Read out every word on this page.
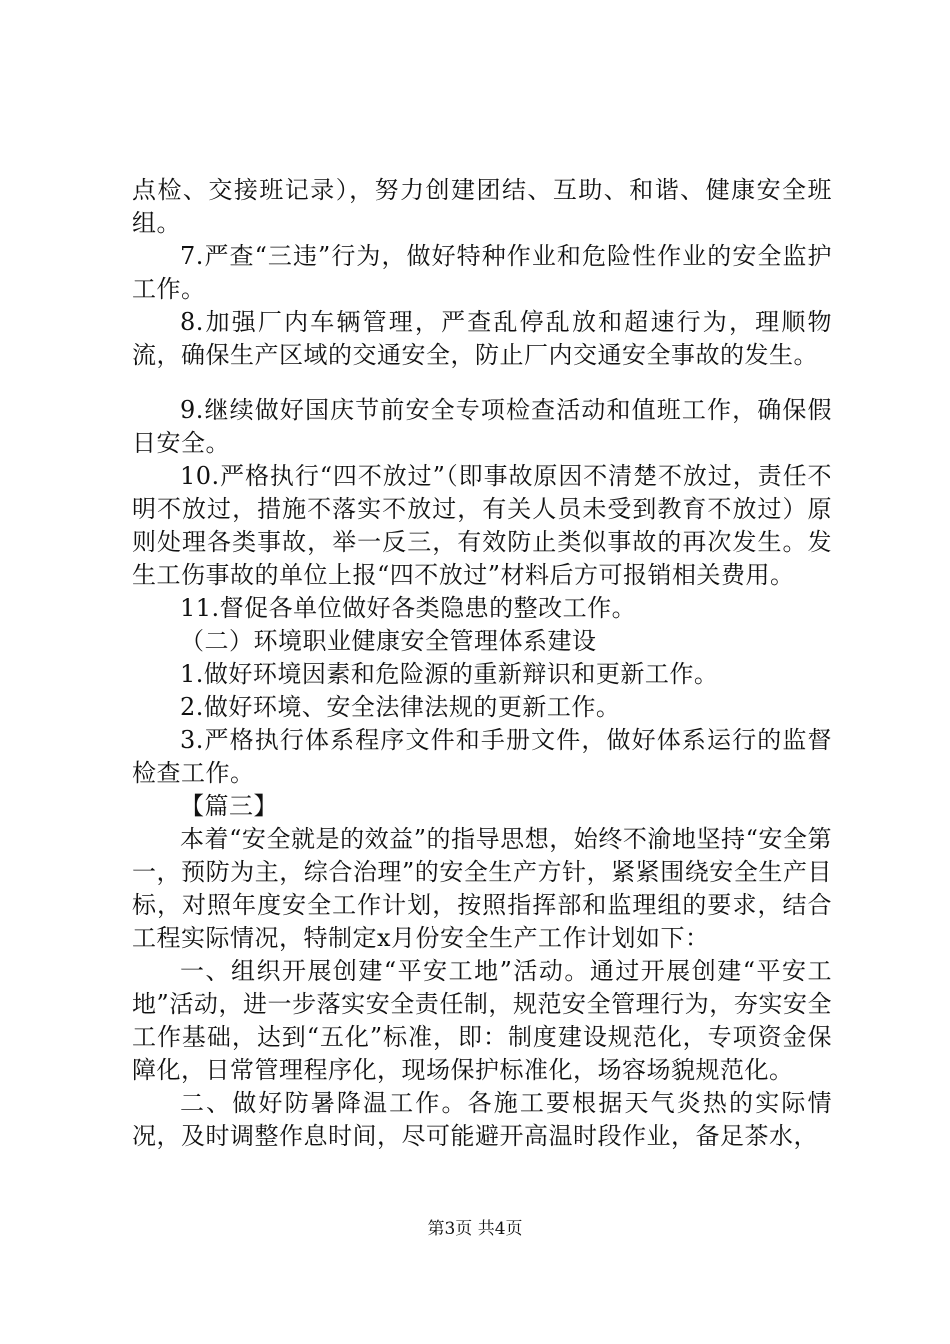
点检、交接班记录），努力创建团结、互助、和谐、健康安全班组。

7.严查“三违”行为，做好特种作业和危险性作业的安全监护工作。

8.加强厂内车辆管理，严查乱停乱放和超速行为，理顺物流，确保生产区域的交通安全，防止厂内交通安全事故的发生。

9.继续做好国庆节前安全专项检查活动和值班工作，确保假日安全。

10.严格执行“四不放过”（即事故原因不清楚不放过，责任不明不放过，措施不落实不放过，有关人员未受到教育不放过）原则处理各类事故，举一反三，有效防止类似事故的再次发生。发生工伤事故的单位上报“四不放过”材料后方可报销相关费用。

11.督促各单位做好各类隐患的整改工作。

（二）环境职业健康安全管理体系建设

1.做好环境因素和危险源的重新辩识和更新工作。

2.做好环境、安全法律法规的更新工作。

3.严格执行体系程序文件和手册文件，做好体系运行的监督检查工作。

【篇三】

本着“安全就是的效益”的指导思想，始终不渝地坚持“安全第一，预防为主，综合治理”的安全生产方针，紧紧围绕安全生产目标，对照年度安全工作计划，按照指挥部和监理组的要求，结合工程实际情况，特制定x月份安全生产工作计划如下：

一、组织开展创建“平安工地”活动。通过开展创建“平安工地”活动，进一步落实安全责任制，规范安全管理行为，夯实安全工作基础，达到“五化”标准，即：制度建设规范化，专项资金保障化，日常管理程序化，现场保护标准化，场容场貌规范化。

二、做好防暑降温工作。各施工要根据天气炎热的实际情况，及时调整作息时间，尽可能避开高温时段作业，备足茶水，

第3页 共4页
